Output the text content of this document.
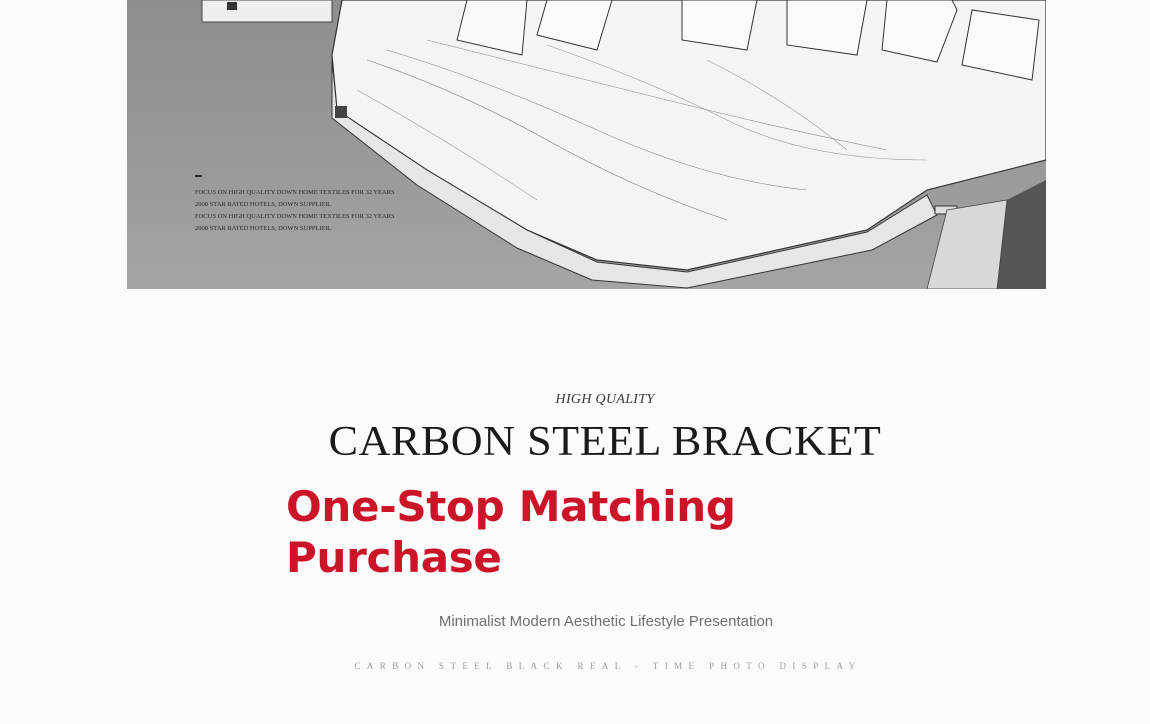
FOCUS ON HIGH QUALITY DOWN HOME TEXTILES FOR 32 YEARS
2008 STAR RATED HOTELS, DOWN SUPPLIER.
FOCUS ON HIGH QUALITY DOWN HOME TEXTILES FOR 32 YEARS
2008 STAR RATED HOTELS, DOWN SUPPLIER.
HIGH QUALITY
CARBON STEEL BRACKET
One-Stop Matching
Purchase
Minimalist Modern Aesthetic Lifestyle Presentation
CARBON STEEL BLACK REAL - TIME PHOTO DISPLAY
